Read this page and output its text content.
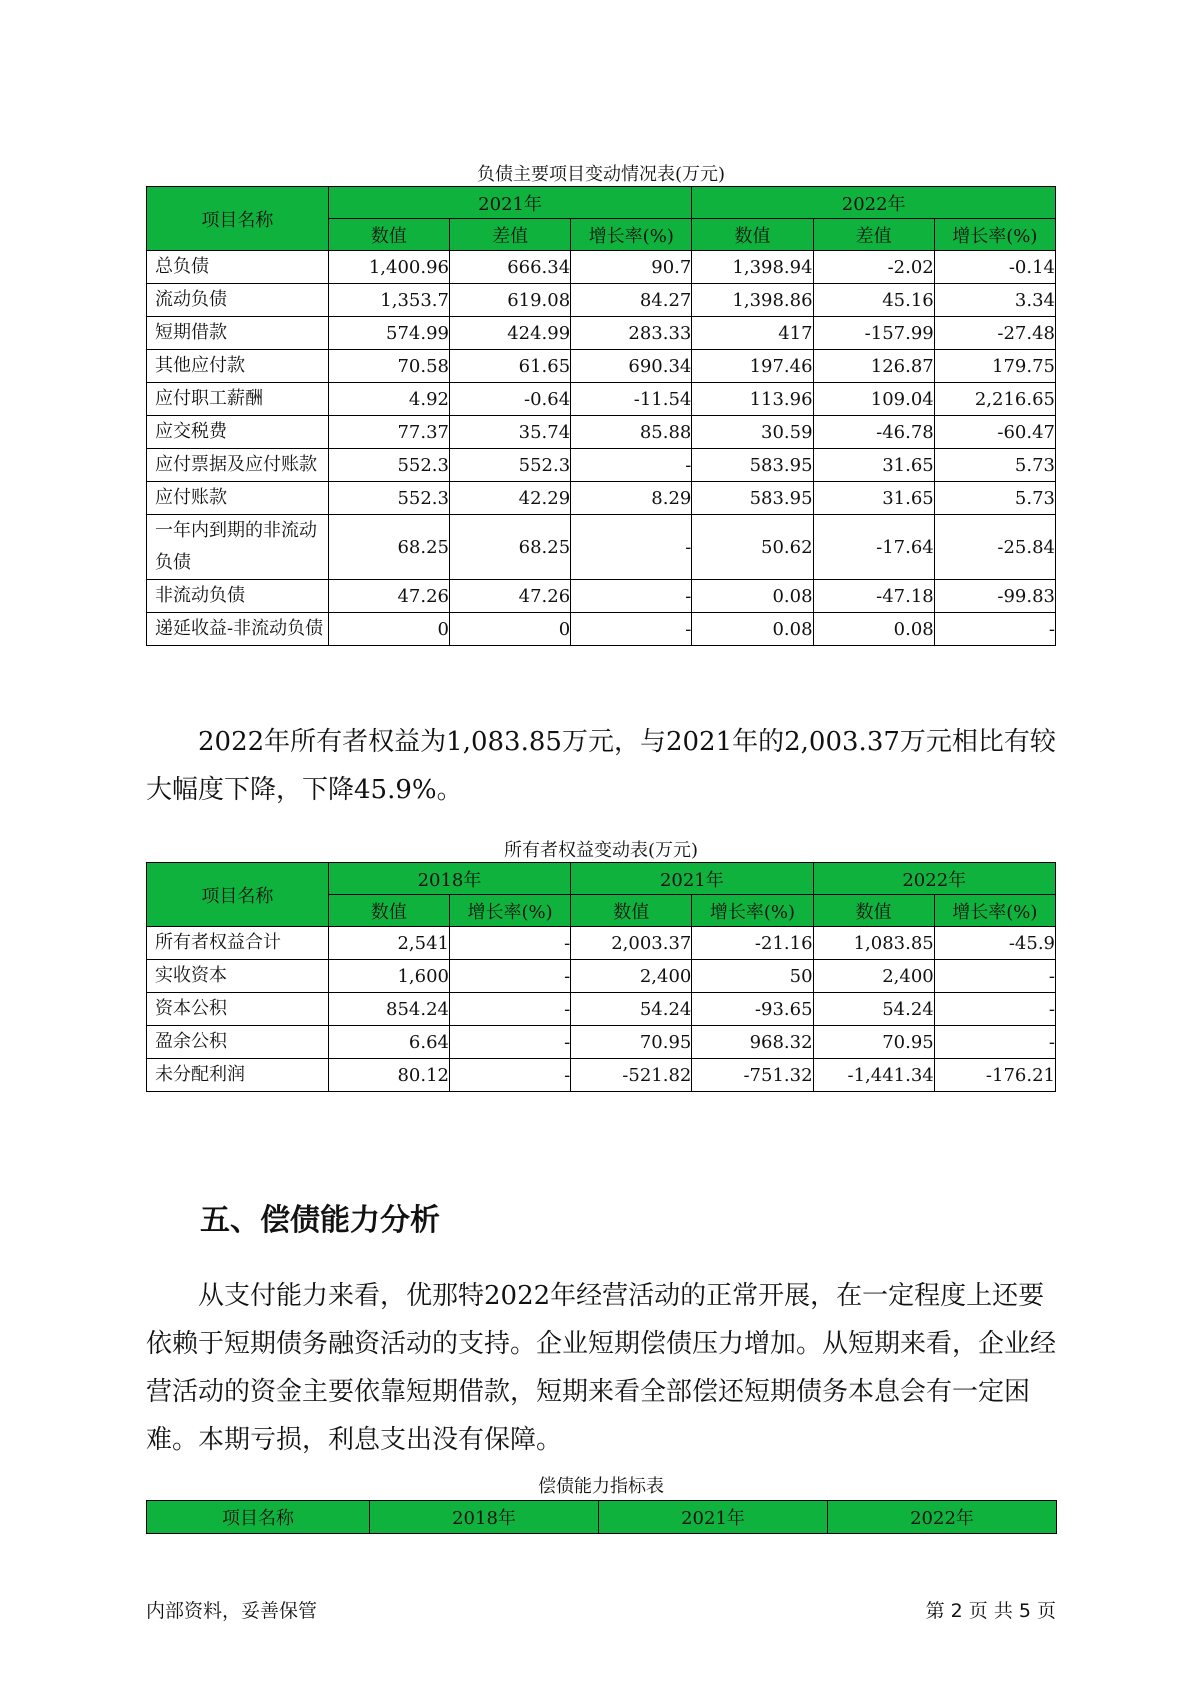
负债主要项目变动情况表(万元)
项目名称	2021年			2022年		
	数值	差值	增长率(%)	数值	差值	增长率(%)
总负债	1,400.96	666.34	90.7	1,398.94	-2.02	-0.14
流动负债	1,353.7	619.08	84.27	1,398.86	45.16	3.34
短期借款	574.99	424.99	283.33	417	-157.99	-27.48
其他应付款	70.58	61.65	690.34	197.46	126.87	179.75
应付职工薪酬	4.92	-0.64	-11.54	113.96	109.04	2,216.65
应交税费	77.37	35.74	85.88	30.59	-46.78	-60.47
应付票据及应付账款	552.3	552.3	-	583.95	31.65	5.73
应付账款	552.3	42.29	8.29	583.95	31.65	5.73
一年内到期的非流动负债	68.25	68.25	-	50.62	-17.64	-25.84
非流动负债	47.26	47.26	-	0.08	-47.18	-99.83
递延收益-非流动负债	0	0	-	0.08	0.08	-

2022年所有者权益为1,083.85万元，与2021年的2,003.37万元相比有较大幅度下降，下降45.9%。

所有者权益变动表(万元)
项目名称	2018年		2021年		2022年	
	数值	增长率(%)	数值	增长率(%)	数值	增长率(%)
所有者权益合计	2,541	-	2,003.37	-21.16	1,083.85	-45.9
实收资本	1,600	-	2,400	50	2,400	-
资本公积	854.24	-	54.24	-93.65	54.24	-
盈余公积	6.64	-	70.95	968.32	70.95	-
未分配利润	80.12	-	-521.82	-751.32	-1,441.34	-176.21
五、偿债能力分析

从支付能力来看，优那特2022年经营活动的正常开展，在一定程度上还要依赖于短期债务融资活动的支持。企业短期偿债压力增加。从短期来看，企业经营活动的资金主要依靠短期借款，短期来看全部偿还短期债务本息会有一定困难。本期亏损，利息支出没有保障。

偿债能力指标表
项目名称	2018年	2021年	2022年
内部资料，妥善保管	第 2 页 共 5 页
